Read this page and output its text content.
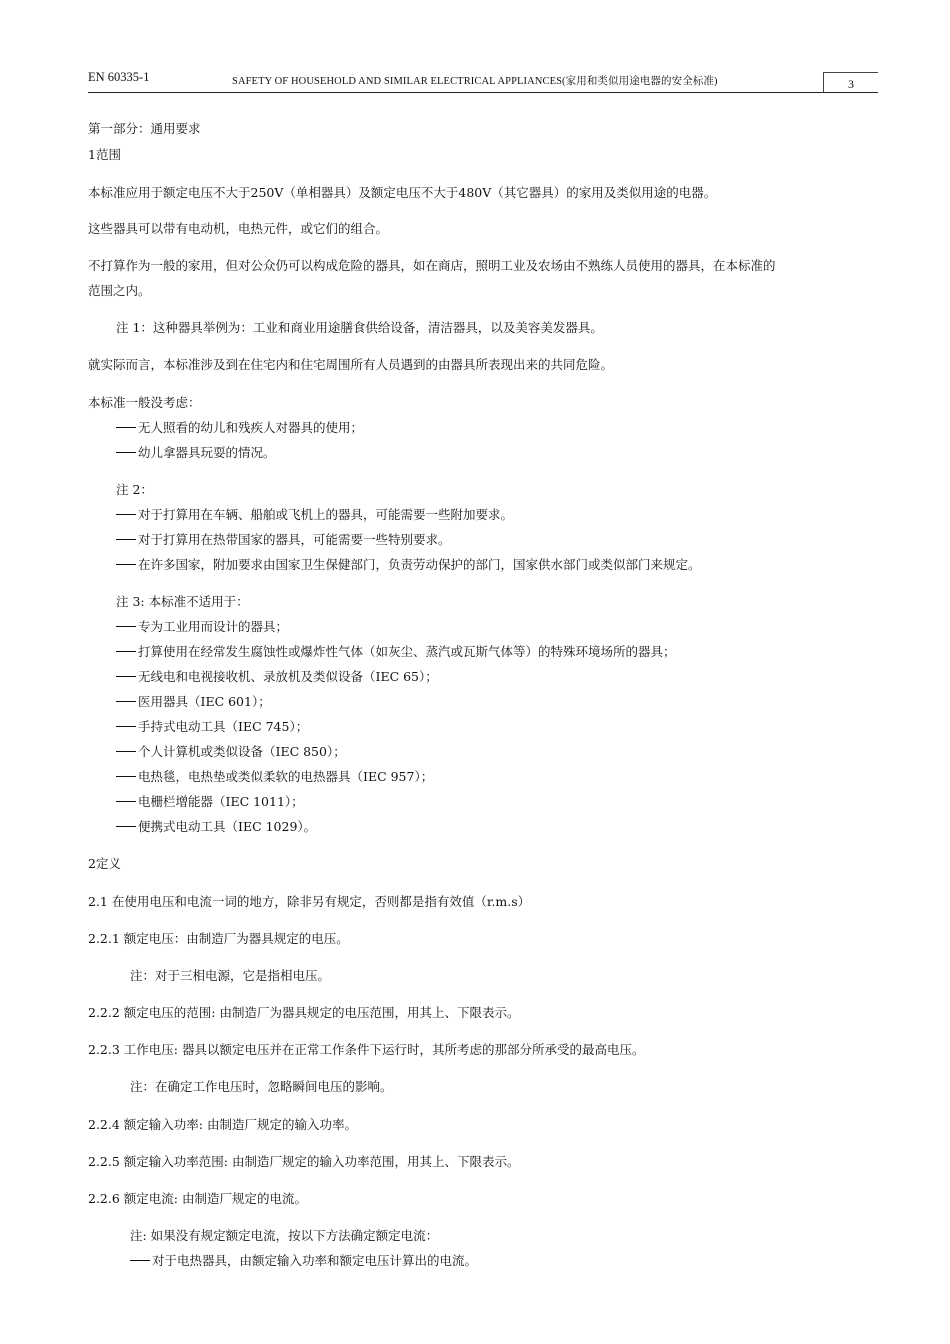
EN 60335-1	SAFETY OF HOUSEHOLD AND SIMILAR ELECTRICAL APPLIANCES(家用和类似用途电器的安全标准)	3
第一部分：通用要求
1范围
本标准应用于额定电压不大于250V（单相器具）及额定电压不大于480V（其它器具）的家用及类似用途的电器。
这些器具可以带有电动机，电热元件，或它们的组合。
不打算作为一般的家用，但对公众仍可以构成危险的器具，如在商店，照明工业及农场由不熟练人员使用的器具，在本标准的
范围之内。
注 1：这种器具举例为：工业和商业用途膳食供给设备，清洁器具，以及美容美发器具。
就实际而言，本标准涉及到在住宅内和住宅周围所有人员遇到的由器具所表现出来的共同危险。
本标准一般没考虑：
无人照看的幼儿和残疾人对器具的使用；
幼儿拿器具玩耍的情况。
注 2：
对于打算用在车辆、船舶或飞机上的器具，可能需要一些附加要求。
对于打算用在热带国家的器具，可能需要一些特别要求。
在许多国家，附加要求由国家卫生保健部门，负责劳动保护的部门，国家供水部门或类似部门来规定。
注 3: 本标准不适用于：
专为工业用而设计的器具；
打算使用在经常发生腐蚀性或爆炸性气体（如灰尘、蒸汽或瓦斯气体等）的特殊环境场所的器具；
无线电和电视接收机、录放机及类似设备（IEC 65）；
医用器具（IEC 601）；
手持式电动工具（IEC 745）；
个人计算机或类似设备（IEC 850）；
电热毯，电热垫或类似柔软的电热器具（IEC 957）；
电栅栏增能器（IEC 1011）；
便携式电动工具（IEC 1029）。
2定义
2.1 在使用电压和电流一词的地方，除非另有规定，否则都是指有效值（r.m.s）
2.2.1 额定电压：由制造厂为器具规定的电压。
注：对于三相电源，它是指相电压。
2.2.2 额定电压的范围: 由制造厂为器具规定的电压范围，用其上、下限表示。
2.2.3 工作电压: 器具以额定电压并在正常工作条件下运行时，其所考虑的那部分所承受的最高电压。
注：在确定工作电压时，忽略瞬间电压的影响。
2.2.4 额定输入功率: 由制造厂规定的输入功率。
2.2.5 额定输入功率范围: 由制造厂规定的输入功率范围，用其上、下限表示。
2.2.6 额定电流: 由制造厂规定的电流。
注: 如果没有规定额定电流，按以下方法确定额定电流：
对于电热器具，由额定输入功率和额定电压计算出的电流。
